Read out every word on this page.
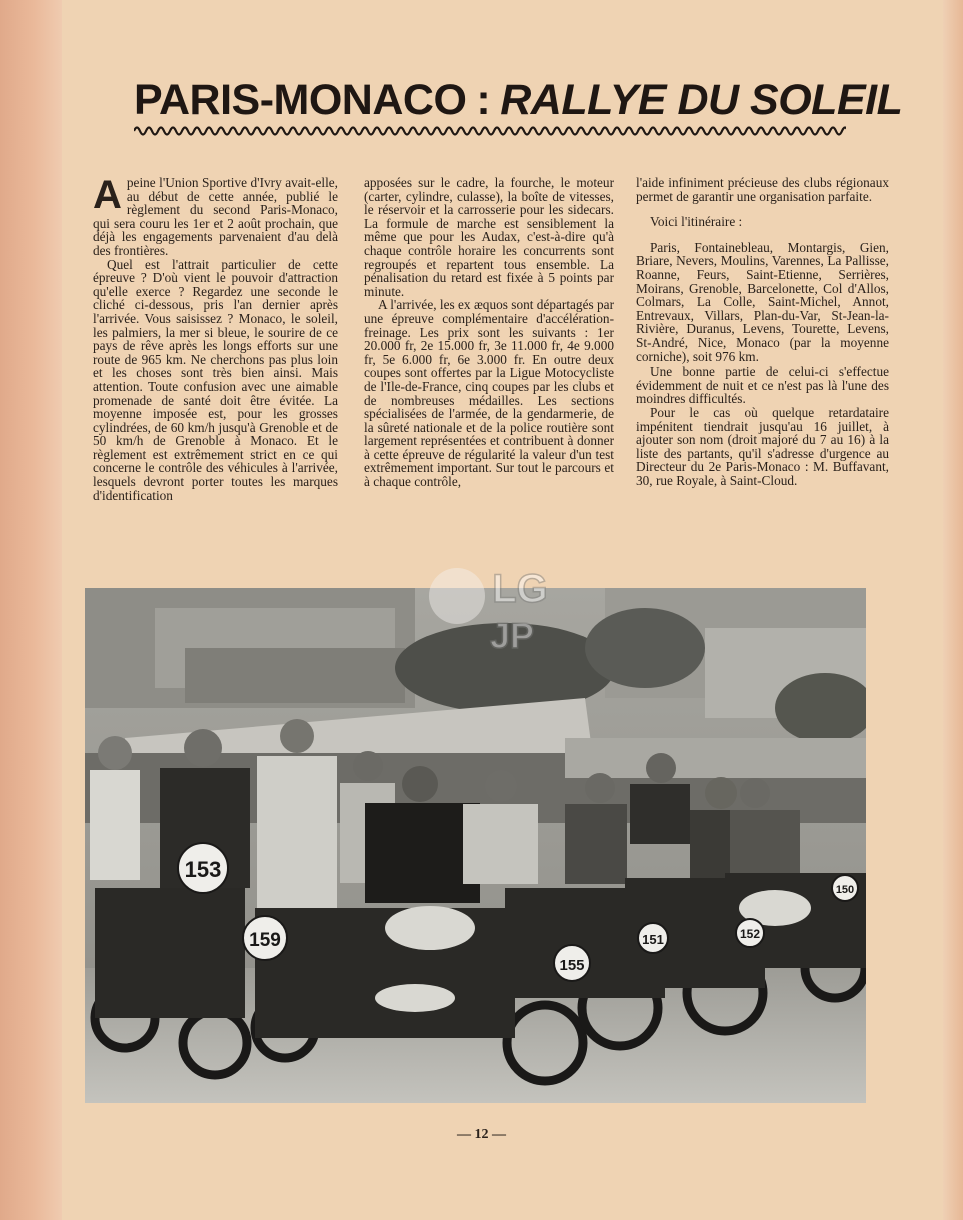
PARIS-MONACO : RALLYE DU SOLEIL

Apeine l'Union Sportive d'Ivry avait-elle, au début de cette année, publié le règlement du second Paris-Monaco, qui sera couru les 1er et 2 août prochain, que déjà les engagements parvenaient d'au delà des frontières.

Quel est l'attrait particulier de cette épreuve ? D'où vient le pouvoir d'attraction qu'elle exerce ? Regardez une seconde le cliché ci-dessous, pris l'an dernier après l'arrivée. Vous saisissez ? Monaco, le soleil, les palmiers, la mer si bleue, le sourire de ce pays de rêve après les longs efforts sur une route de 965 km. Ne cherchons pas plus loin et les choses sont très bien ainsi. Mais attention. Toute confusion avec une aimable promenade de santé doit être évitée. La moyenne imposée est, pour les grosses cylindrées, de 60 km/h jusqu'à Grenoble et de 50 km/h de Grenoble à Monaco. Et le règlement est extrêmement strict en ce qui concerne le contrôle des véhicules à l'arrivée, lesquels devront porter toutes les marques d'identification

apposées sur le cadre, la fourche, le moteur (carter, cylindre, culasse), la boîte de vitesses, le réservoir et la carrosserie pour les sidecars. La formule de marche est sensiblement la même que pour les Audax, c'est-à-dire qu'à chaque contrôle horaire les concurrents sont regroupés et repartent tous ensemble. La pénalisation du retard est fixée à 5 points par minute.

A l'arrivée, les ex æquos sont départagés par une épreuve complémentaire d'accélération-freinage. Les prix sont les suivants : 1er 20.000 fr, 2e 15.000 fr, 3e 11.000 fr, 4e 9.000 fr, 5e 6.000 fr, 6e 3.000 fr. En outre deux coupes sont offertes par la Ligue Motocycliste de l'Ile-de-France, cinq coupes par les clubs et de nombreuses médailles. Les sections spécialisées de l'armée, de la gendarmerie, de la sûreté nationale et de la police routière sont largement représentées et contribuent à donner à cette épreuve de régularité la valeur d'un test extrêmement important. Sur tout le parcours et à chaque contrôle,

l'aide infiniment précieuse des clubs régionaux permet de garantir une organisation parfaite.

Voici l'itinéraire :

Paris, Fontainebleau, Montargis, Gien, Briare, Nevers, Moulins, Varennes, La Pallisse, Roanne, Feurs, Saint-Etienne, Serrières, Moirans, Grenoble, Barcelonette, Col d'Allos, Colmars, La Colle, Saint-Michel, Annot, Entrevaux, Villars, Plan-du-Var, St-Jean-la-Rivière, Duranus, Levens, Tourette, Levens, St-André, Nice, Monaco (par la moyenne corniche), soit 976 km.

Une bonne partie de celui-ci s'effectue évidemment de nuit et ce n'est pas là l'une des moindres difficultés.

Pour le cas où quelque retardataire impénitent tiendrait jusqu'au 16 juillet, à ajouter son nom (droit majoré du 7 au 16) à la liste des partants, qu'il s'adresse d'urgence au Directeur du 2e Paris-Monaco : M. Buffavant, 30, rue Royale, à Saint-Cloud.

153
159
155
151	152
150
LG
JP
— 12 —
